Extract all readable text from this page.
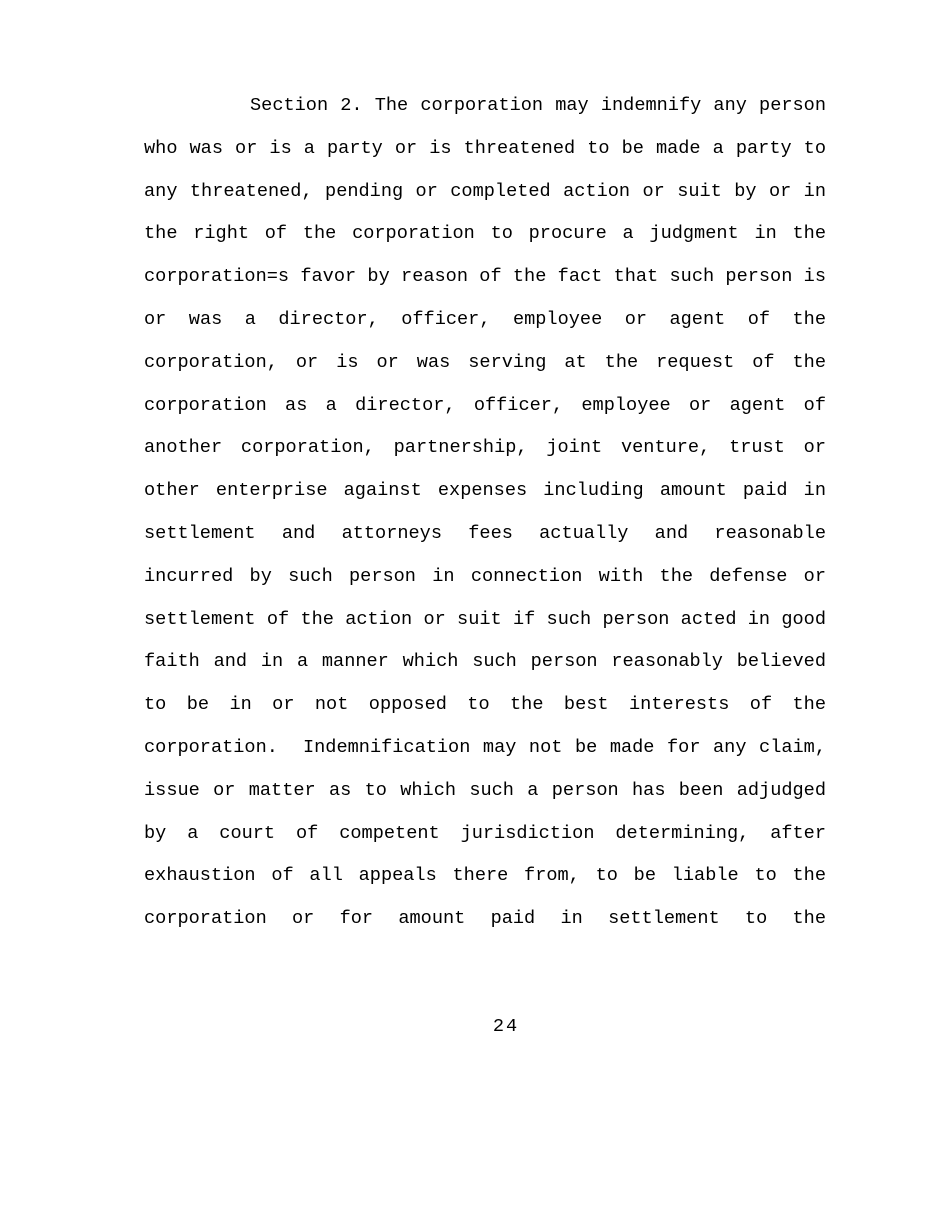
Section 2. The corporation may indemnify any person
who was or is a party or is threatened to be made a party to
any threatened, pending or completed action or suit by or in
the right of the corporation to procure a judgment in the
corporation=s favor by reason of the fact that such person is
or was a director, officer, employee or agent of the
corporation, or is or was serving at the request of the
corporation as a director, officer, employee or agent of
another corporation, partnership, joint venture, trust or
other enterprise against expenses including amount paid in
settlement and attorneys fees actually and reasonable
incurred by such person in connection with the defense or
settlement of the action or suit if such person acted in good
faith and in a manner which such person reasonably believed
to be in or not opposed to the best interests of the
corporation.  Indemnification may not be made for any claim,
issue or matter as to which such a person has been adjudged
by a court of competent jurisdiction determining, after
exhaustion of all appeals there from, to be liable to the
corporation or for amount paid in settlement to the
24
